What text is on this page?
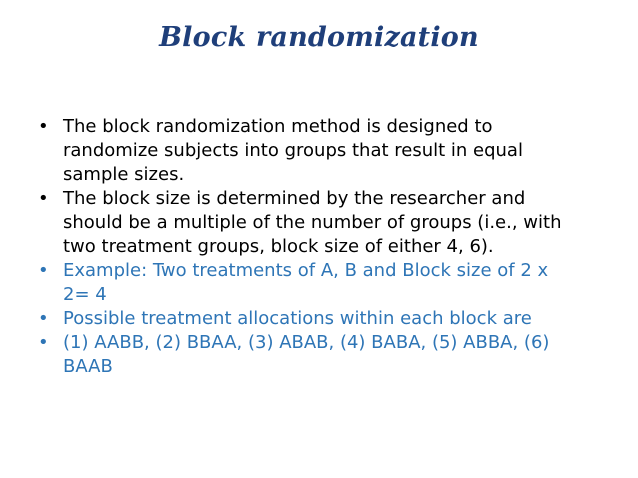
Block randomization
• The block randomization method is designed to
randomize subjects into groups that result in equal
sample sizes.
• The block size is determined by the researcher and
should be a multiple of the number of groups (i.e., with
two treatment groups, block size of either 4, 6).
• Example: Two treatments of A, B and Block size of 2 x
2= 4
• Possible treatment allocations within each block are
• (1) AABB, (2) BBAA, (3) ABAB, (4) BABA, (5) ABBA, (6)
BAAB
